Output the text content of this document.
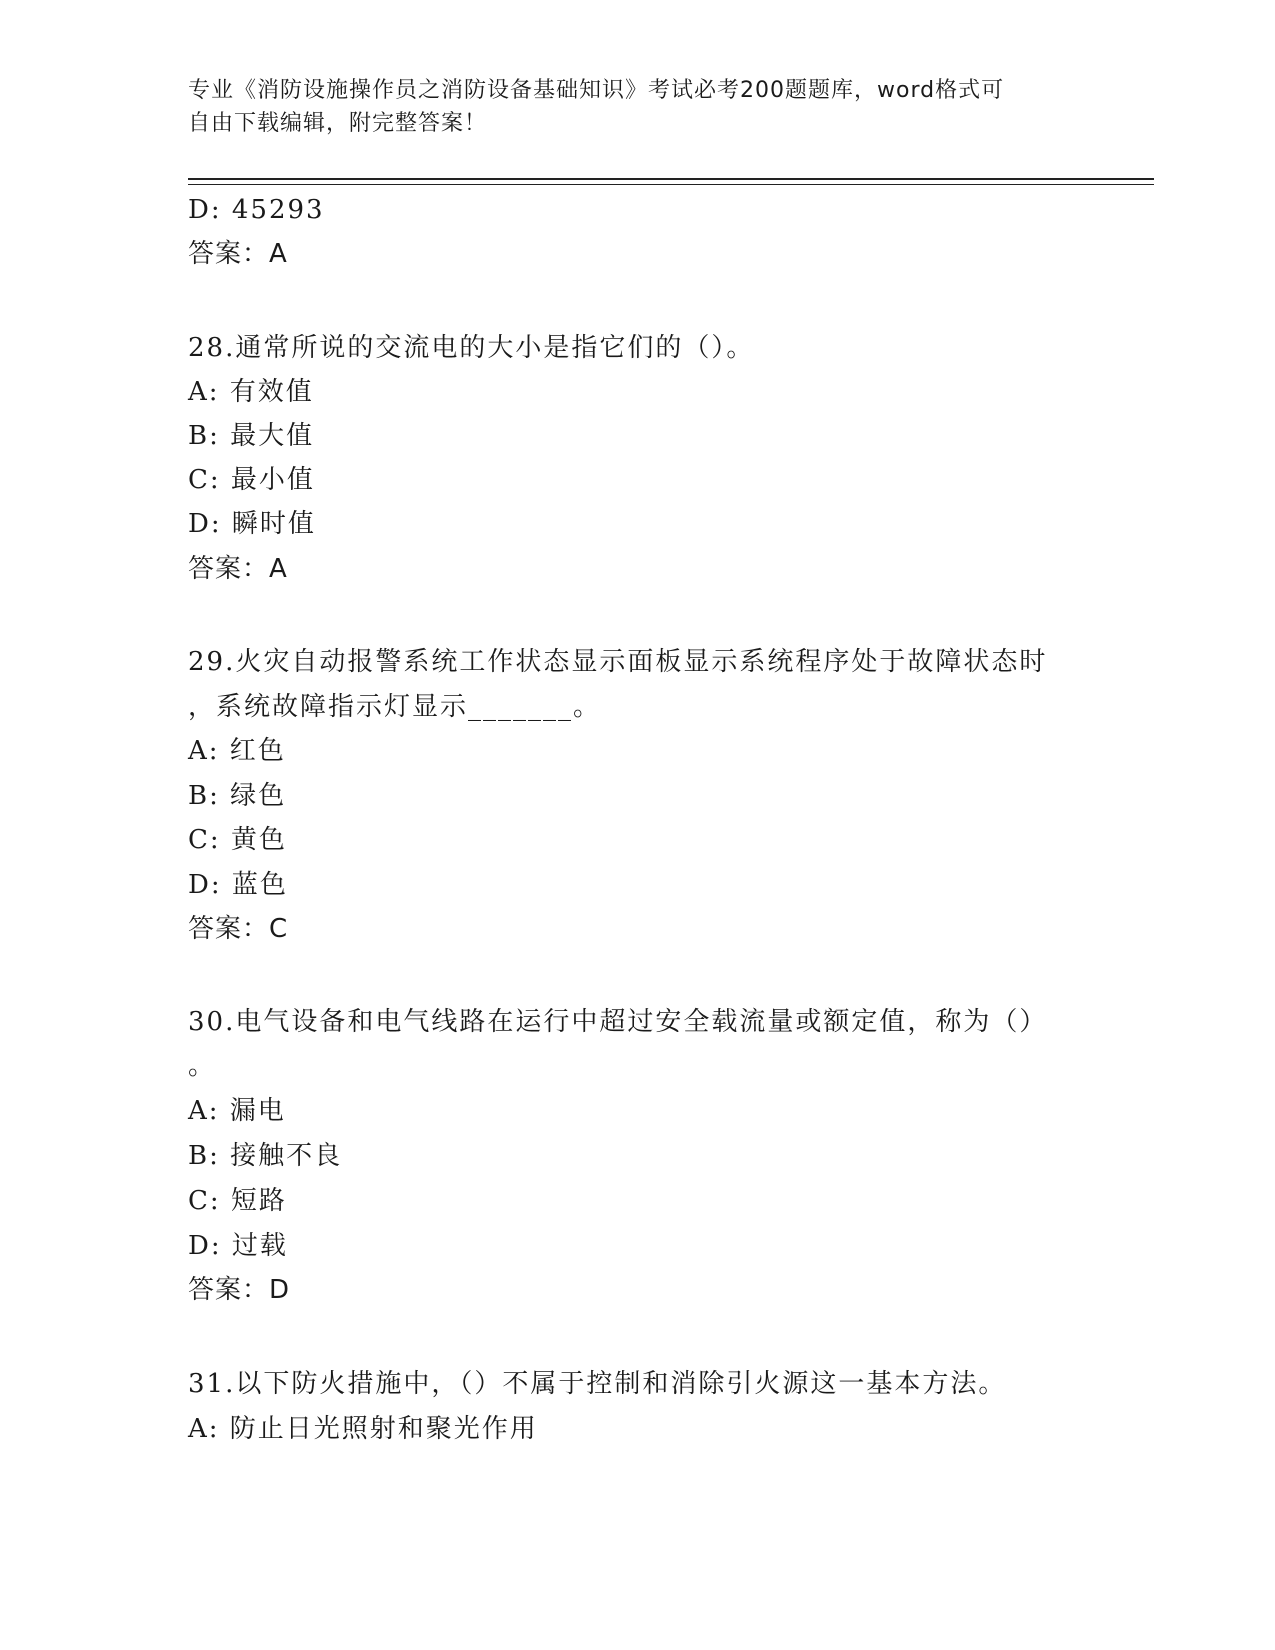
专业《消防设施操作员之消防设备基础知识》考试必考200题题库，word格式可
自由下载编辑，附完整答案！
D: 45293
答案：A
28.通常所说的交流电的大小是指它们的（）。
A: 有效值
B: 最大值
C: 最小值
D: 瞬时值
答案：A
29.火灾自动报警系统工作状态显示面板显示系统程序处于故障状态时
，系统故障指示灯显示_______。
A: 红色
B: 绿色
C: 黄色
D: 蓝色
答案：C
30.电气设备和电气线路在运行中超过安全载流量或额定值，称为（）
。
A: 漏电
B: 接触不良
C: 短路
D: 过载
答案：D
31.以下防火措施中，（）不属于控制和消除引火源这一基本方法。
A: 防止日光照射和聚光作用
